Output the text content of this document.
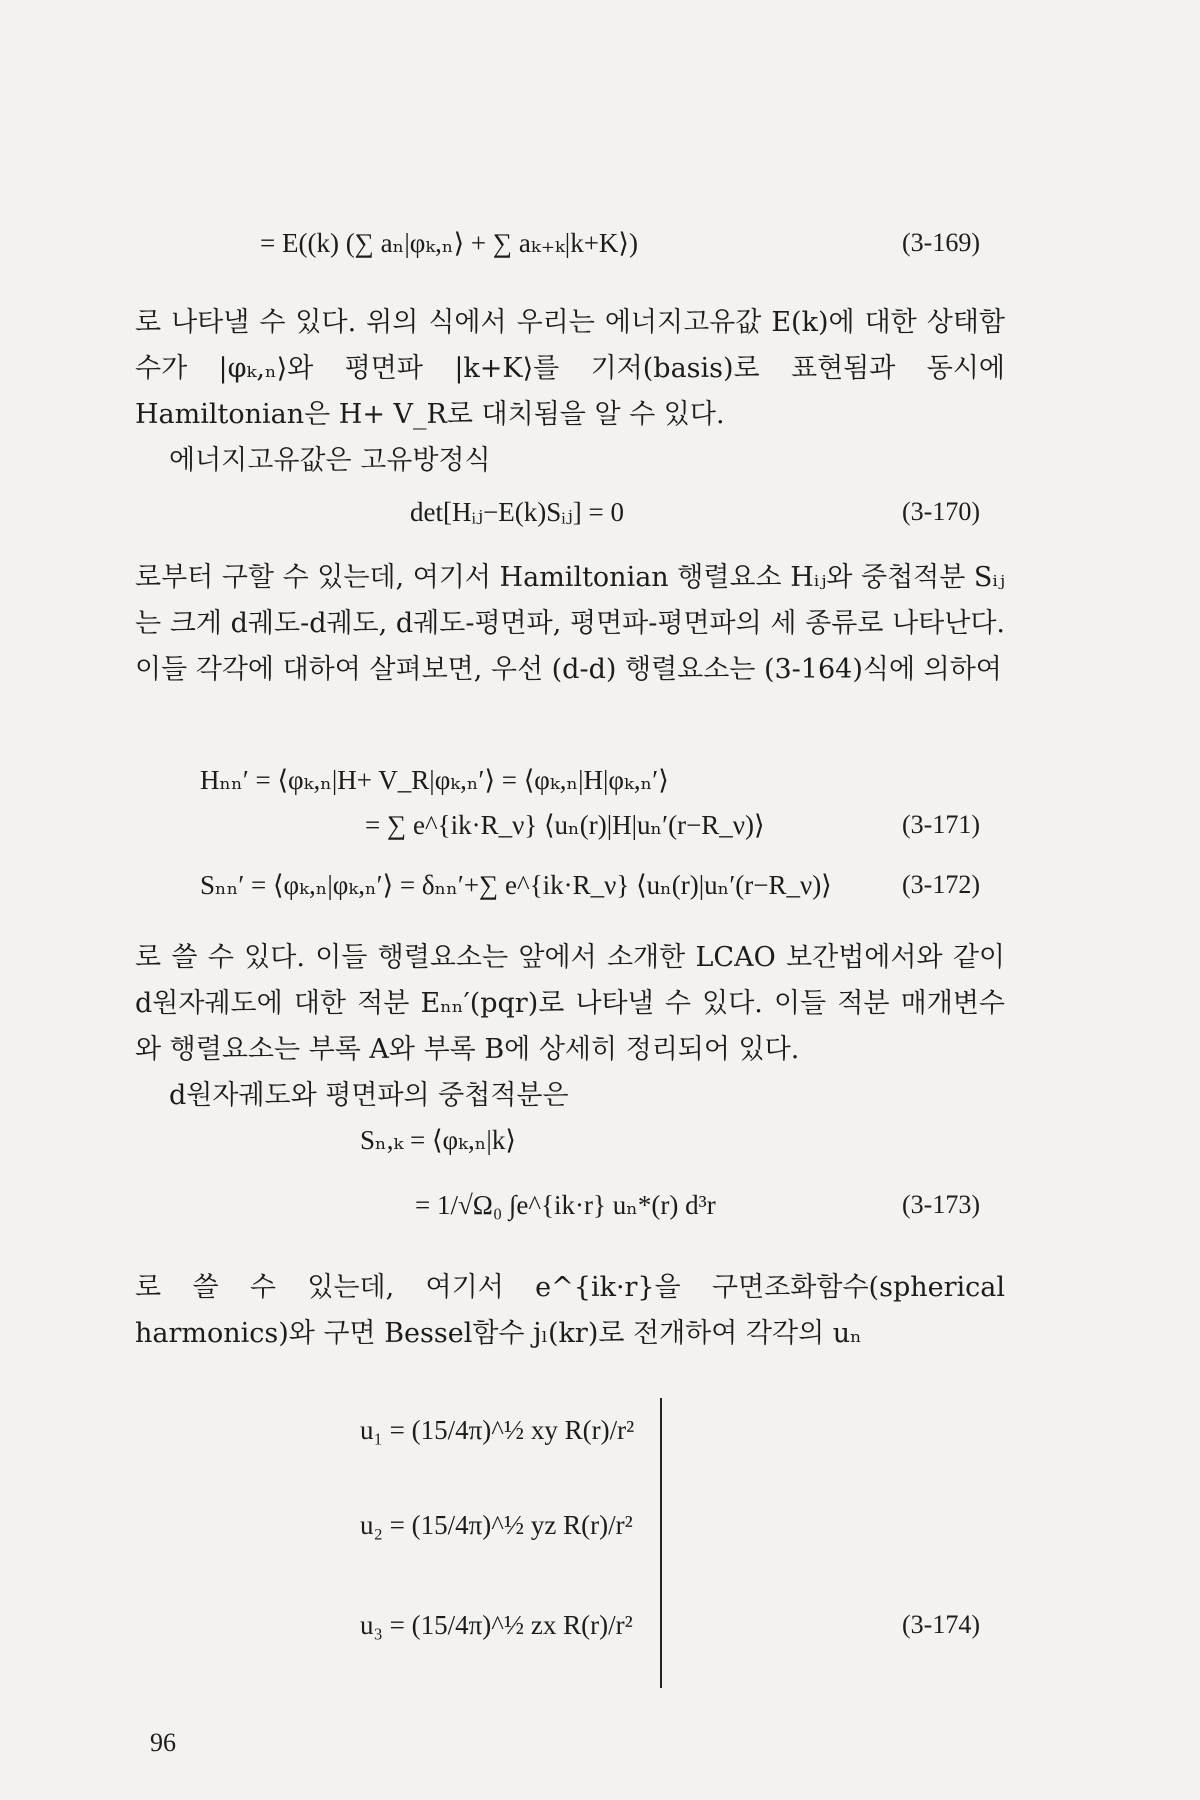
= E((k) (∑ aₙ|φₖ,ₙ⟩ + ∑ aₖ₊ₖ|k+K⟩)	(3-169)

로 나타낼 수 있다. 위의 식에서 우리는 에너지고유값 E(k)에 대한 상태함수가 |φₖ,ₙ⟩와 평면파 |k+K⟩를 기저(basis)로 표현됨과 동시에 Hamiltonian은 H+ V_R로 대치됨을 알 수 있다.

에너지고유값은 고유방정식

det[Hᵢⱼ−E(k)Sᵢⱼ] = 0	(3-170)

로부터 구할 수 있는데, 여기서 Hamiltonian 행렬요소 Hᵢⱼ와 중첩적분 Sᵢⱼ는 크게 d궤도-d궤도, d궤도-평면파, 평면파-평면파의 세 종류로 나타난다. 이들 각각에 대하여 살펴보면, 우선 (d-d) 행렬요소는 (3-164)식에 의하여

Hₙₙ′ = ⟨φₖ,ₙ|H+ V_R|φₖ,ₙ′⟩ = ⟨φₖ,ₙ|H|φₖ,ₙ′⟩
= ∑ e^{ik·R_ν} ⟨uₙ(r)|H|uₙ′(r−R_ν)⟩	(3-171)
Sₙₙ′ = ⟨φₖ,ₙ|φₖ,ₙ′⟩ = δₙₙ′+∑ e^{ik·R_ν} ⟨uₙ(r)|uₙ′(r−R_ν)⟩	(3-172)

로 쓸 수 있다. 이들 행렬요소는 앞에서 소개한 LCAO 보간법에서와 같이 d원자궤도에 대한 적분 Eₙₙ′(pqr)로 나타낼 수 있다. 이들 적분 매개변수와 행렬요소는 부록 A와 부록 B에 상세히 정리되어 있다.

d원자궤도와 평면파의 중첩적분은

Sₙ,ₖ = ⟨φₖ,ₙ|k⟩
= 1/√Ω₀ ∫e^{ik·r} uₙ*(r) d³r	(3-173)

로 쓸 수 있는데, 여기서 e^{ik·r}을 구면조화함수(spherical harmonics)와 구면 Bessel함수 jₗ(kr)로 전개하여 각각의 uₙ

u₁ = (15/4π)^½ xy R(r)/r²
u₂ = (15/4π)^½ yz R(r)/r²
u₃ = (15/4π)^½ zx R(r)/r²	(3-174)
96
